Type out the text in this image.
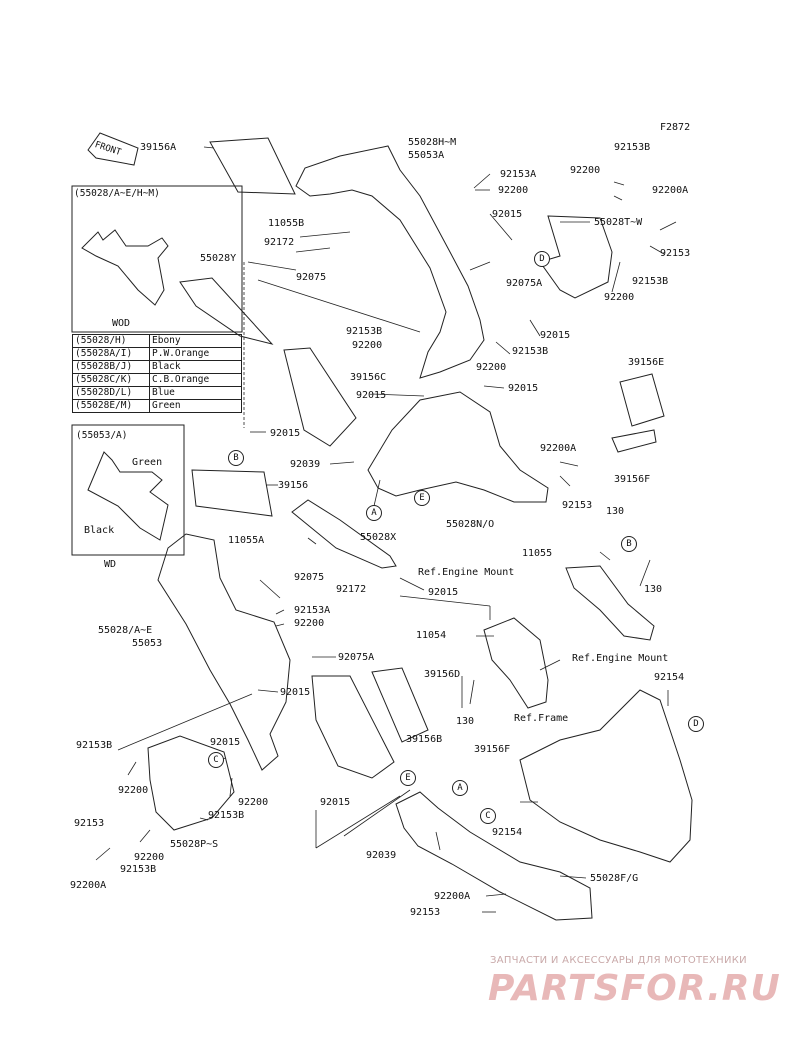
F2872
FRONT
(55028/A~E/H~M)
WOD
(55028/H)	Ebony
(55028A/I)	P.W.Orange
(55028B/J)	Black
(55028C/K)	C.B.Orange
(55028D/L)	Blue
(55028E/M)	Green
(55053/A)
Green
Black
WD
39156A	55028H~M
55053A
92153B
92200
92153A
92200	92200A
11055B
92015
55028T~W
92153
92172
55028Y
92075
92075A	92153B
92200
92015
92153B
92200
92153B
92200
39156C
92015
92015
39156E
92015
92039
92200A
39156F
39156
92153
55028N/O
130
11055A	55028X
11055
92075
92172	130
92015
92153A
92200
55028/A~E
55053
92075A
11054
39156D
92015
130
92154
92153B	92015	39156B
39156F
92200
92200	92015
92153B
92153
55028P~S
92200	92039
92153B
92200A
92154
55028F/G
92200A
92153
Ref.Engine Mount
Ref.Engine Mount
Ref.Frame
B
D
A
E
B
D
C
E
A
C
ЗАПЧАСТИ И АКСЕССУАРЫ ДЛЯ МОТОТЕХНИКИ
PARTSFOR.RU
